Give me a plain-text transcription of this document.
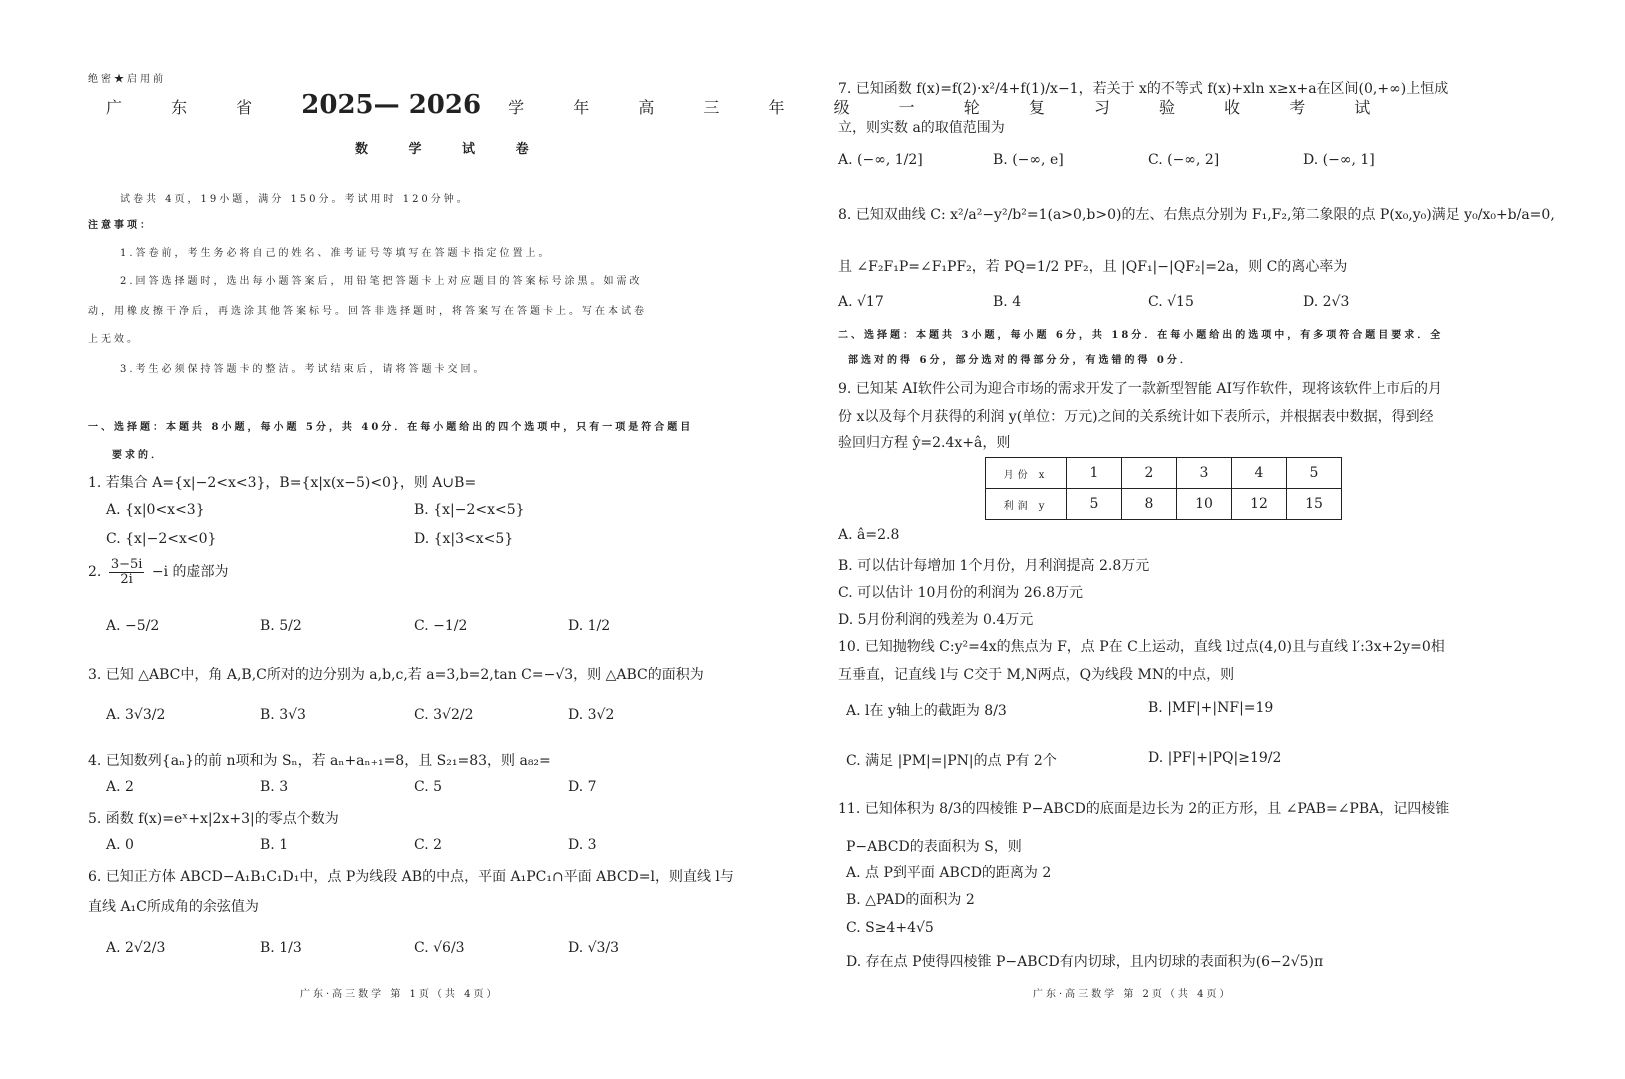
绝密★启用前
广 东 省 2025— 2026 学 年 高 三 年 级 一 轮 复 习 验 收 考 试
数 学 试 卷
试卷共 4页，19小题，满分 150分。考试用时 120分钟。
注意事项：
1.答卷前，考生务必将自己的姓名、准考证号等填写在答题卡指定位置上。
2.回答选择题时，选出每小题答案后，用铅笔把答题卡上对应题目的答案标号涂黑。如需改
动，用橡皮擦干净后，再选涂其他答案标号。回答非选择题时，将答案写在答题卡上。写在本试卷
上无效。
3.考生必须保持答题卡的整洁。考试结束后，请将答题卡交回。
一、选择题：本题共 8小题，每小题 5分，共 40分．在每小题给出的四个选项中，只有一项是符合题目
要求的．
1. 若集合 A={x|−2<x<3}，B={x|x(x−5)<0}，则 A∪B=
A. {x|0<x<3}	B. {x|−2<x<5}
C. {x|−2<x<0}	D. {x|3<x<5}
2. $\frac{3-5i}{2i} -i$ 的虚部为
A. −5/2	B. 5/2	C. −1/2	D. 1/2
3. 已知 △ABC中，角 A,B,C所对的边分别为 a,b,c,若 a=3,b=2,tan C=−√3，则 △ABC的面积为
A. 3√3/2	B. 3√3	C. 3√2/2	D. 3√2
4. 已知数列{aₙ}的前 n项和为 Sₙ，若 aₙ+aₙ₊₁=8，且 S₂₁=83，则 a₈₂=
A. 2	B. 3	C. 5	D. 7
5. 函数 f(x)=eˣ+x|2x+3|的零点个数为
A. 0	B. 1	C. 2	D. 3
6. 已知正方体 ABCD−A₁B₁C₁D₁中，点 P为线段 AB的中点，平面 A₁PC₁∩平面 ABCD=l，则直线 l与
直线 A₁C所成角的余弦值为
A. 2√2/3	B. 1/3	C. √6/3	D. √3/3
广东·高三数学 第 1页（共 4页）
7. 已知函数 f(x)=f(2)·x²/4+f(1)/x−1，若关于 x的不等式 f(x)+xln x≥x+a在区间(0,+∞)上恒成
立，则实数 a的取值范围为
A. (−∞, 1/2]	B. (−∞, e]	C. (−∞, 2]	D. (−∞, 1]
8. 已知双曲线 C: x²/a²−y²/b²=1(a>0,b>0)的左、右焦点分别为 F₁,F₂,第二象限的点 P(x₀,y₀)满足 y₀/x₀+b/a=0,
且 ∠F₂F₁P=∠F₁PF₂，若 PQ=1/2 PF₂，且 |QF₁|−|QF₂|=2a，则 C的离心率为
A. √17	B. 4	C. √15	D. 2√3
二、选择题：本题共 3小题，每小题 6分，共 18分．在每小题给出的选项中，有多项符合题目要求．全
部选对的得 6分，部分选对的得部分分，有选错的得 0分．
9. 已知某 AI软件公司为迎合市场的需求开发了一款新型智能 AI写作软件，现将该软件上市后的月
份 x以及每个月获得的利润 y(单位：万元)之间的关系统计如下表所示，并根据表中数据，得到经
验回归方程 ŷ=2.4x+â，则
月份 x	1	2	3	4	5
利润 y	5	8	10	12	15
A. â=2.8
B. 可以估计每增加 1个月份，月利润提高 2.8万元
C. 可以估计 10月份的利润为 26.8万元
D. 5月份利润的残差为 0.4万元
10. 已知抛物线 C:y²=4x的焦点为 F，点 P在 C上运动，直线 l过点(4,0)且与直线 l′:3x+2y=0相
互垂直，记直线 l与 C交于 M,N两点，Q为线段 MN的中点，则
A. l在 y轴上的截距为 8/3	B. |MF|+|NF|=19
C. 满足 |PM|=|PN|的点 P有 2个	D. |PF|+|PQ|≥19/2
11. 已知体积为 8/3的四棱锥 P−ABCD的底面是边长为 2的正方形，且 ∠PAB=∠PBA，记四棱锥
P−ABCD的表面积为 S，则
A. 点 P到平面 ABCD的距离为 2
B. △PAD的面积为 2
C. S≥4+4√5
D. 存在点 P使得四棱锥 P−ABCD有内切球，且内切球的表面积为(6−2√5)π
广东·高三数学 第 2页（共 4页）
